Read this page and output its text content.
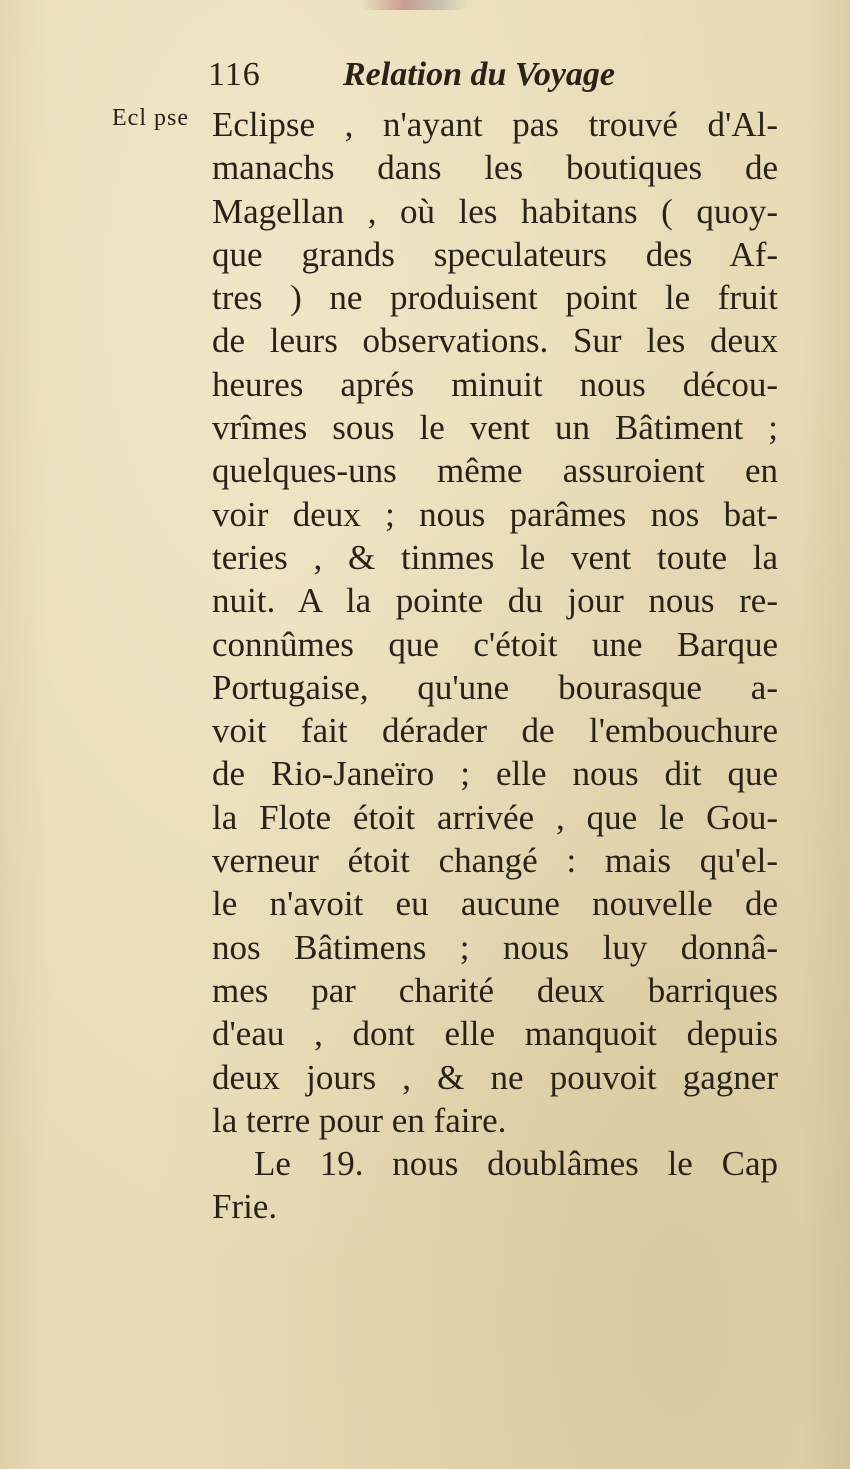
116 Relation du Voyage
Ecl pse Eclipse , n'ayant pas trouvé d'Al-
manachs dans les boutiques de
Magellan , où les habitans ( quoy-
que grands speculateurs des Af-
tres ) ne produisent point le fruit
de leurs observations. Sur les deux
heures aprés minuit nous décou-
vrîmes sous le vent un Bâtiment ;
quelques-uns même assuroient en
voir deux ; nous parâmes nos bat-
teries , & tinmes le vent toute la
nuit. A la pointe du jour nous re-
connûmes que c'étoit une Barque
Portugaise, qu'une bourasque a-
voit fait dérader de l'embouchure
de Rio-Janeïro ; elle nous dit que
la Flote étoit arrivée , que le Gou-
verneur étoit changé : mais qu'el-
le n'avoit eu aucune nouvelle de
nos Bâtimens ; nous luy donnâ-
mes par charité deux barriques
d'eau , dont elle manquoit depuis
deux jours , & ne pouvoit gagner
la terre pour en faire.
Le 19. nous doublâmes le Cap
Frie.
